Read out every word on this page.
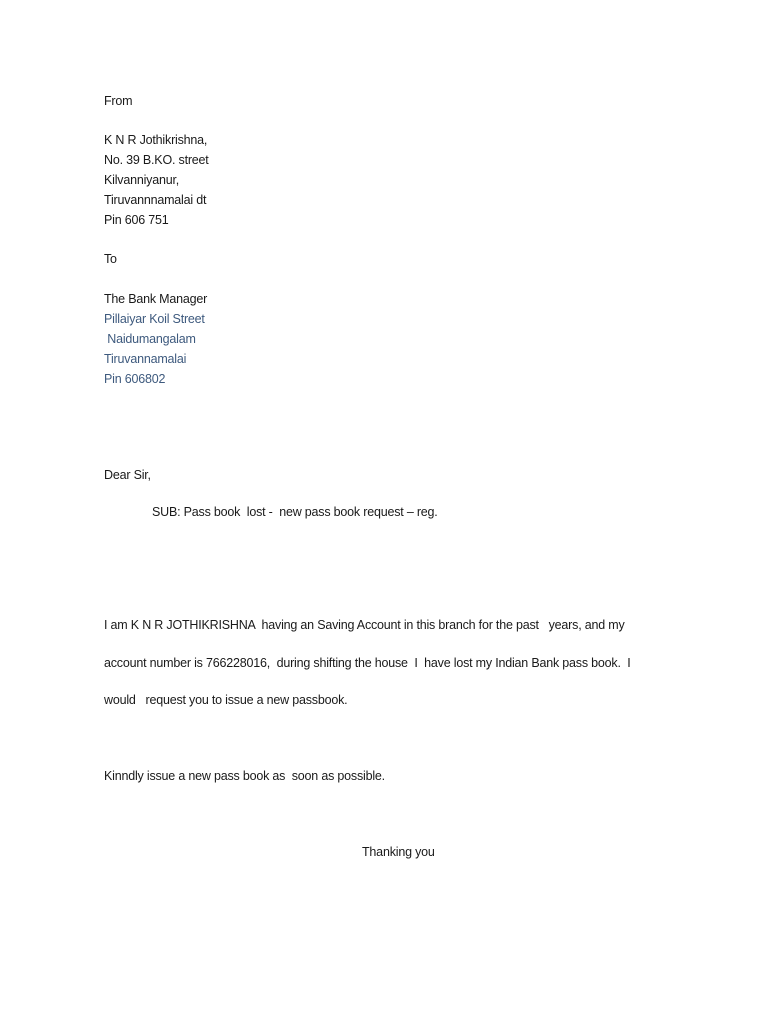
From
K N R Jothikrishna,
No. 39 B.KO. street
Kilvanniyanur,
Tiruvannnamalai dt
Pin 606 751
To
The Bank Manager
Pillaiyar Koil Street
Naidumangalam
Tiruvannamalai
Pin 606802
Dear Sir,
SUB: Pass book  lost -  new pass book request – reg.
I am K N R JOTHIKRISHNA  having an Saving Account in this branch for the past   years, and my
account number is 766228016,  during shifting the house  I  have lost my Indian Bank pass book.  I
would   request you to issue a new passbook.
Kinndly issue a new pass book as  soon as possible.
Thanking you
